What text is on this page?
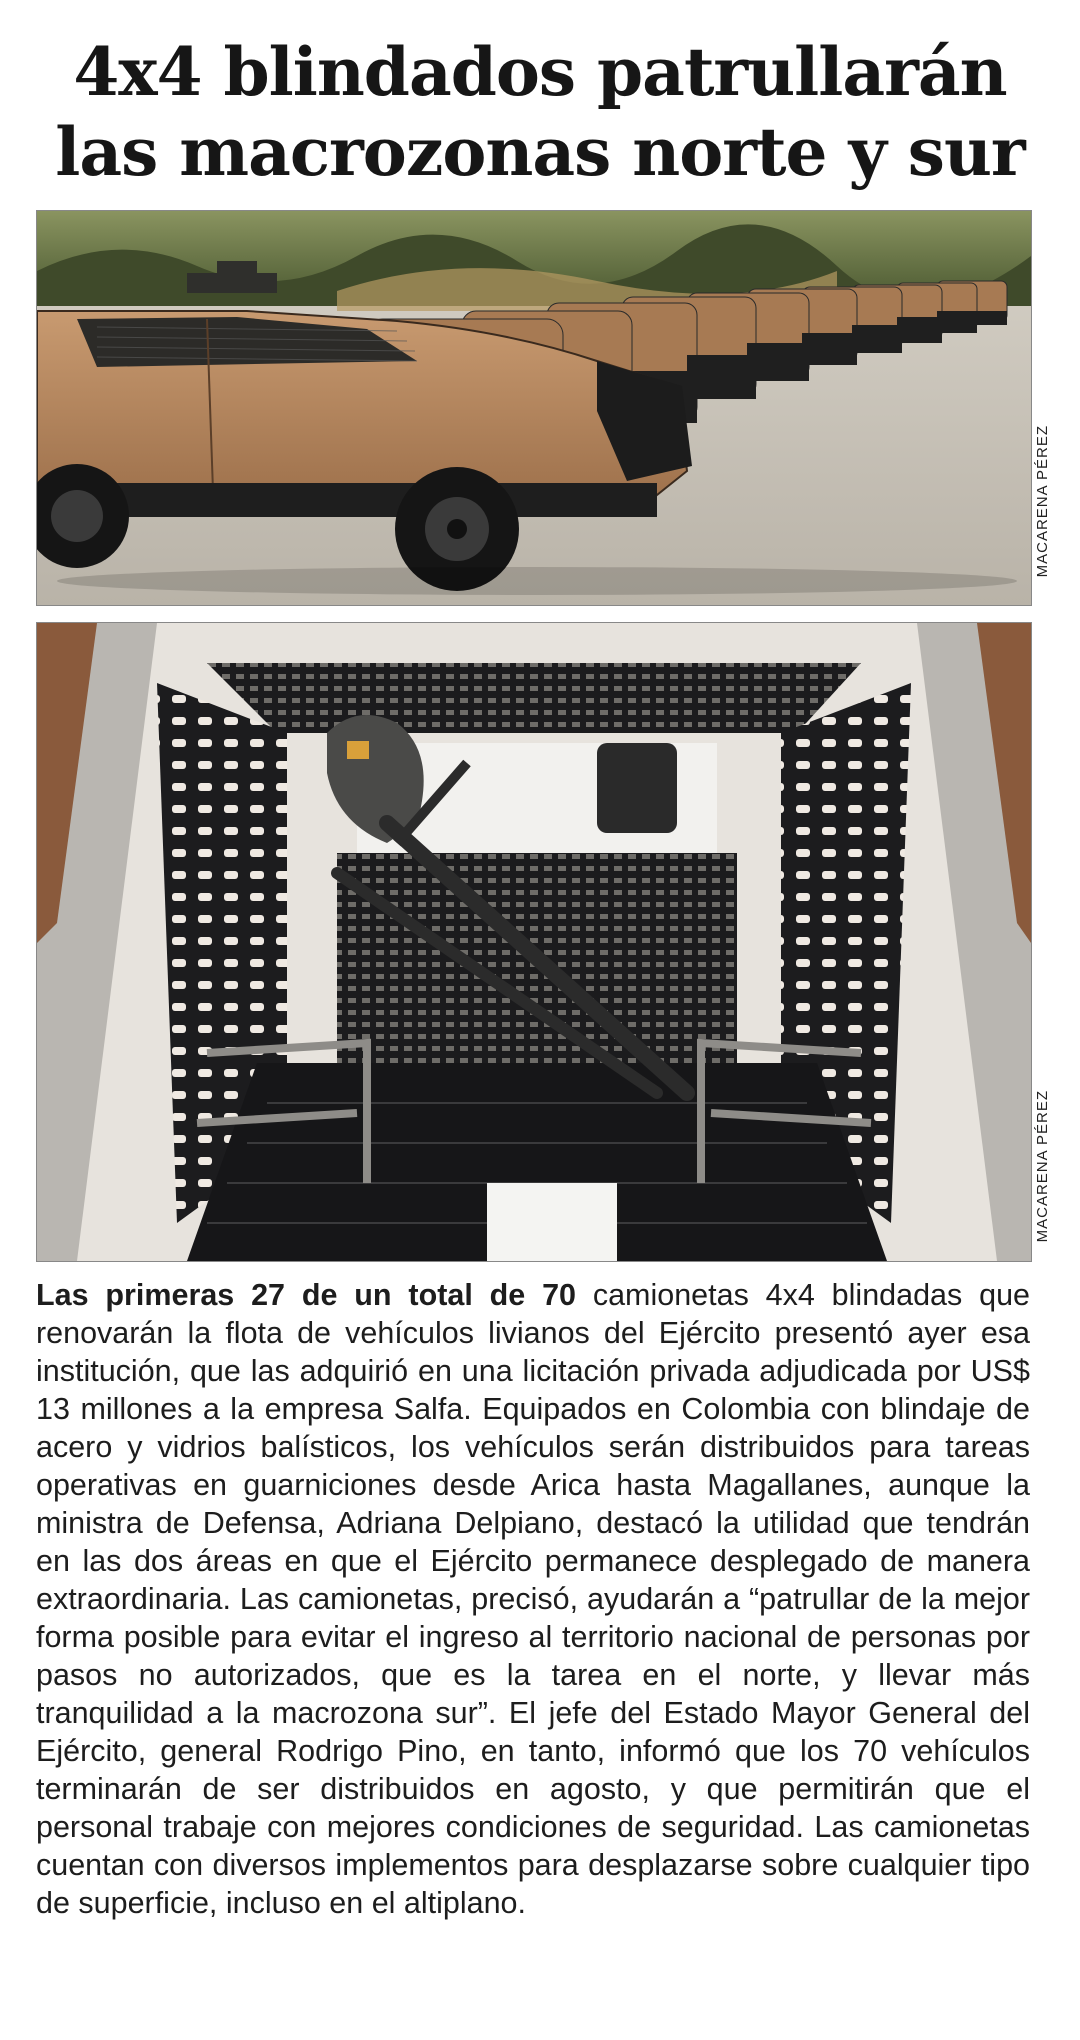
4x4 blindados patrullarán las macrozonas norte y sur
MACARENA PÉREZ
MACARENA PÉREZ

Las primeras 27 de un total de 70 camionetas 4x4 blindadas que renovarán la flota de vehículos livianos del Ejército presentó ayer esa institución, que las adquirió en una licitación privada adjudicada por US$ 13 millones a la empresa Salfa. Equipados en Colombia con blindaje de acero y vidrios balísticos, los vehículos serán distribuidos para tareas operativas en guarniciones desde Arica hasta Magallanes, aunque la ministra de Defensa, Adriana Delpiano, destacó la utilidad que tendrán en las dos áreas en que el Ejército permanece desplegado de manera extraordinaria. Las camionetas, precisó, ayudarán a “patrullar de la mejor forma posible para evitar el ingreso al territorio nacional de personas por pasos no autorizados, que es la tarea en el norte, y llevar más tranquilidad a la macrozona sur”. El jefe del Estado Mayor General del Ejército, general Rodrigo Pino, en tanto, informó que los 70 vehículos terminarán de ser distribuidos en agosto, y que permitirán que el personal trabaje con mejores condiciones de seguridad. Las camionetas cuentan con diversos implementos para desplazarse sobre cualquier tipo de superficie, incluso en el altiplano.
